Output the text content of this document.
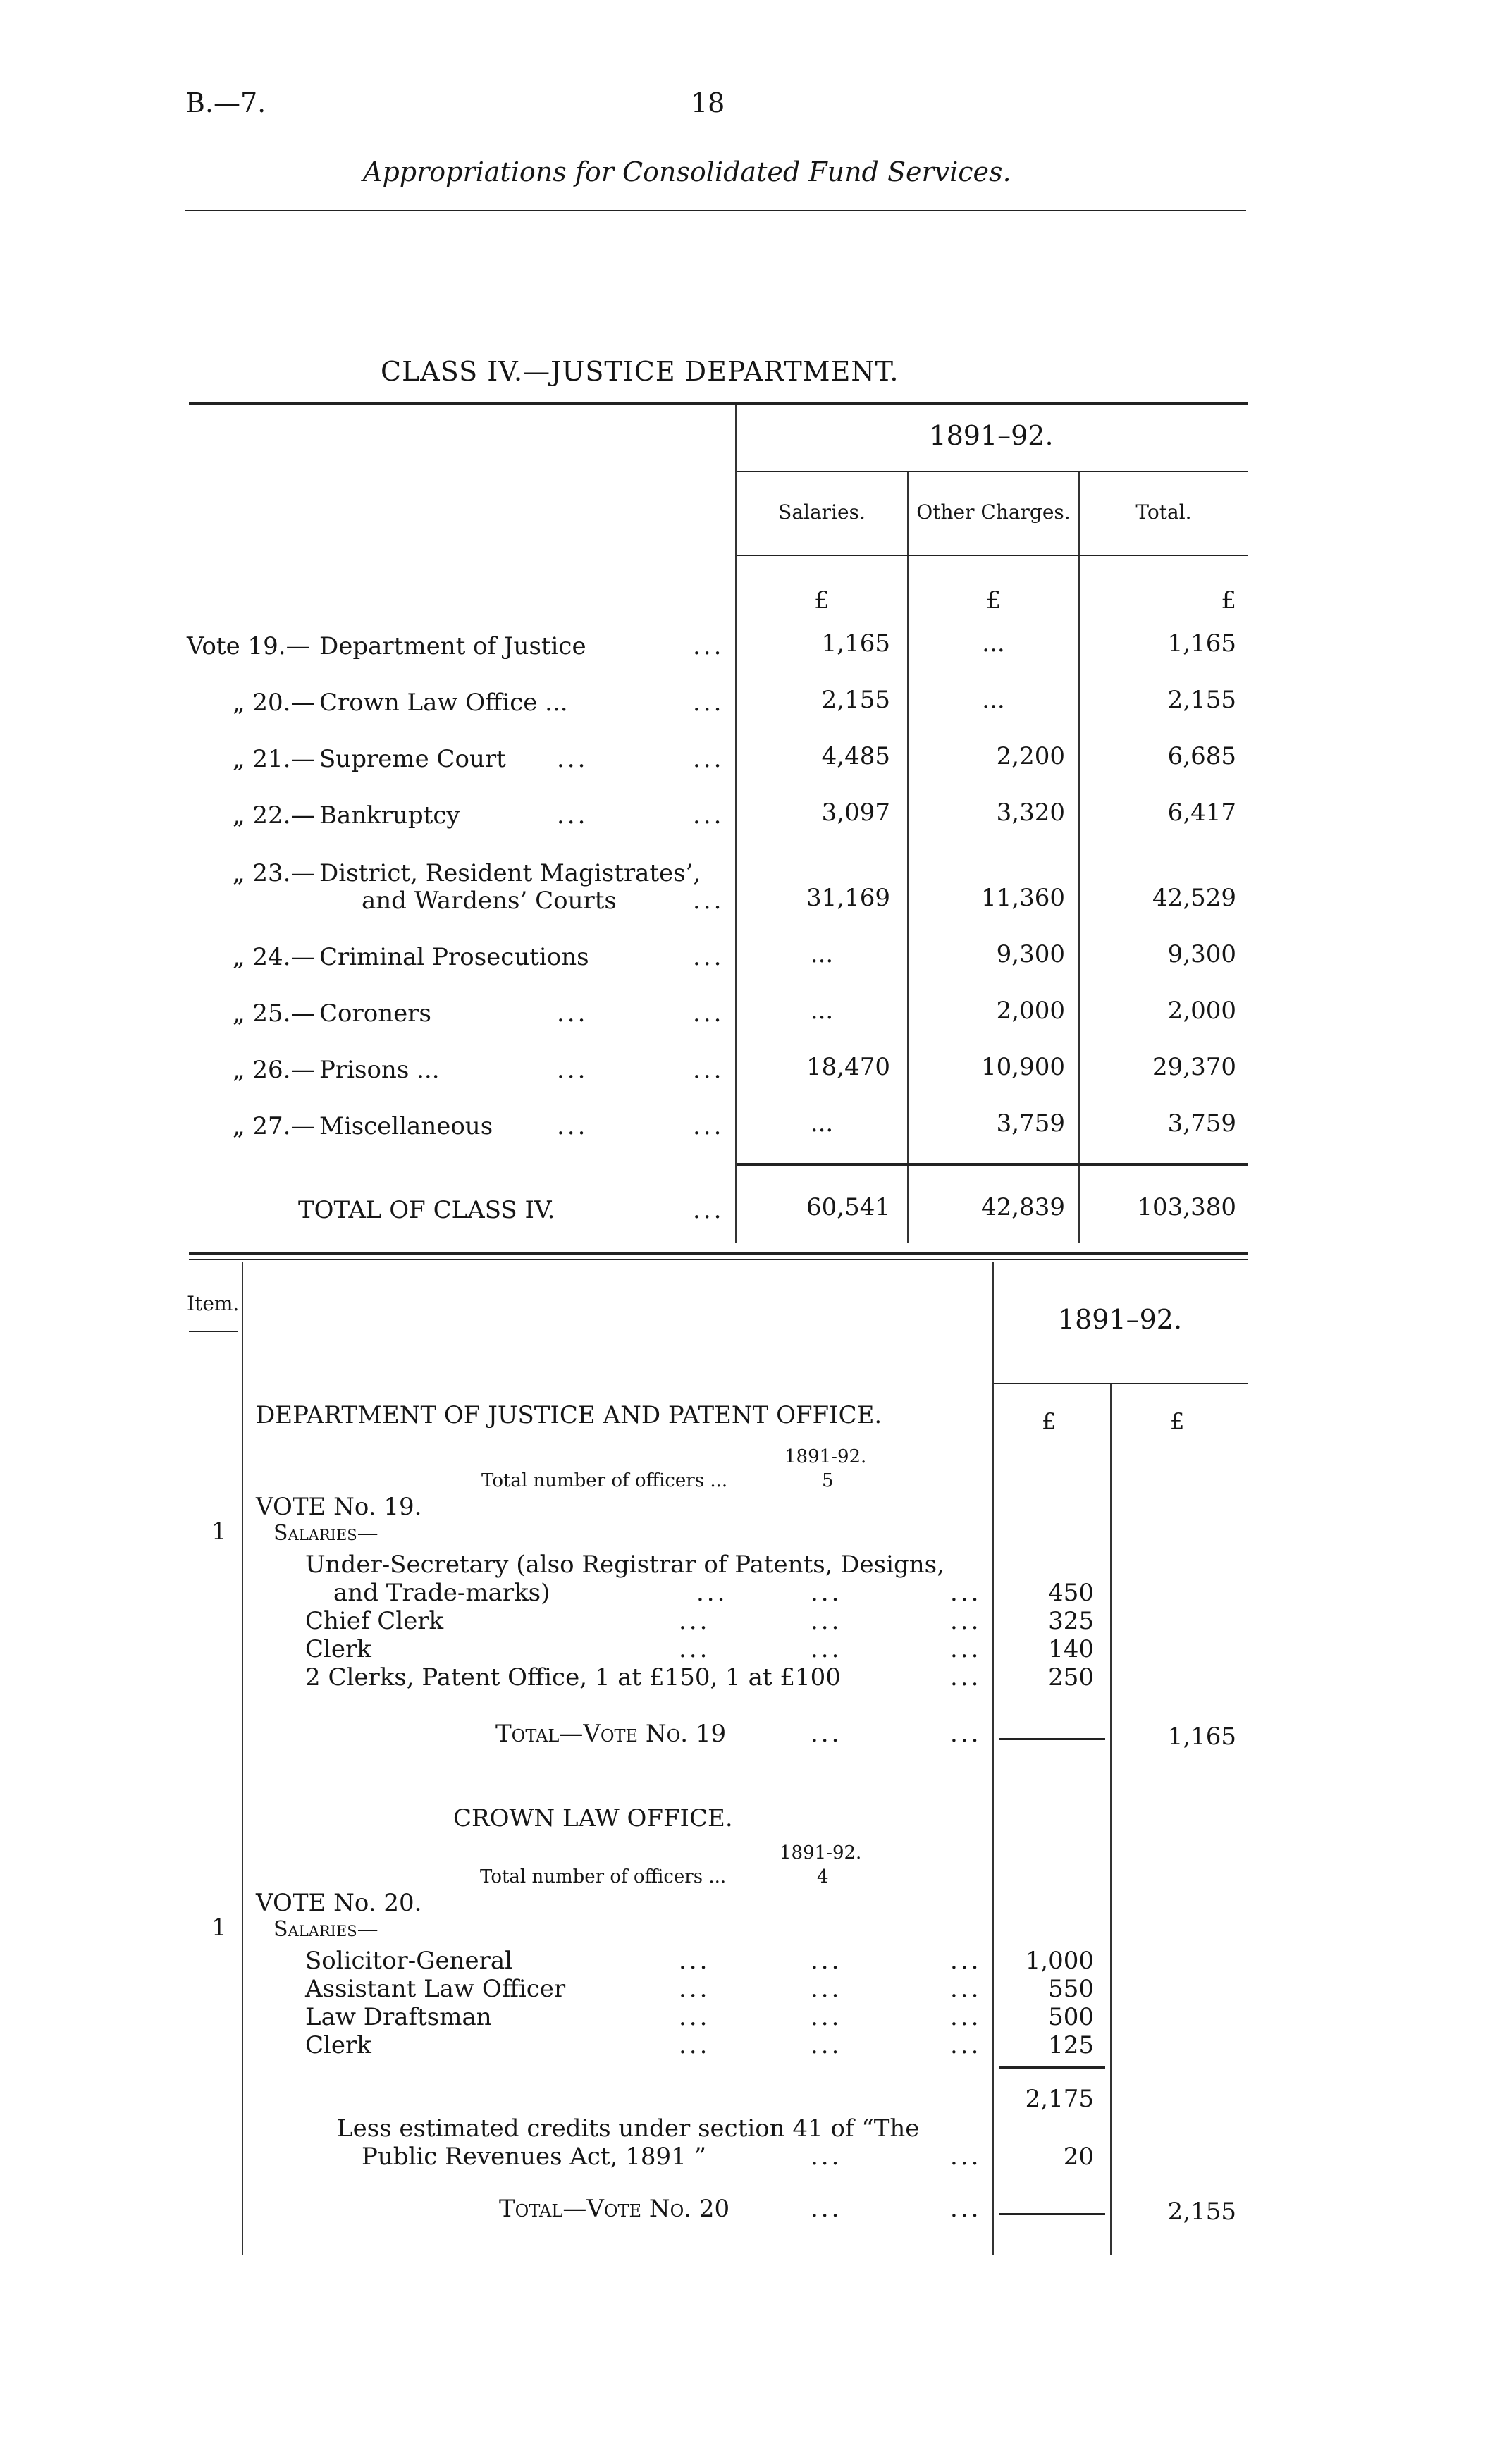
B.—7.	18
Appropriations for Consolidated Fund Services.
CLASS IV.—JUSTICE DEPARTMENT.
1891–92.
Salaries.	Other Charges.	Total.
£	£	£
Vote 19.— Department of Justice	...	1,165	...	1,165
„ 20.— Crown Law Office ...	...	2,155	...	2,155
„ 21.— Supreme Court ...	...	4,485	2,200	6,685
„ 22.— Bankruptcy	...	...	3,097	3,320	6,417
„ 23.— District, Resident Magistrates’,
and Wardens’ Courts	...	31,169	11,360	42,529
„ 24.— Criminal Prosecutions	...	...	9,300	9,300
„ 25.— Coroners	...	...	...	2,000	2,000
„ 26.— Prisons ...	...	...	18,470	10,900	29,370
„ 27.— Miscellaneous	...	...	...	3,759	3,759
TOTAL OF CLASS IV.	...	60,541	42,839	103,380
Item.
1891–92.
£	£
DEPARTMENT OF JUSTICE AND PATENT OFFICE.
1891-92.
Total number of officers ...	5
VOTE No. 19.
1 Salaries—
Under-Secretary (also Registrar of Patents, Designs,
and Trade-marks)	...	...	...	450
Chief Clerk	...	...	...	325
Clerk	...	...	...	140
2 Clerks, Patent Office, 1 at £150, 1 at £100	...	250
Total—Vote No. 19	...	...	1,165
CROWN LAW OFFICE.
1891-92.
Total number of officers ...	4
VOTE No. 20.
1 Salaries—
Solicitor-General	...	...	...	1,000
Assistant Law Officer	...	...	...	550
Law Draftsman	...	...	...	500
Clerk	...	...	...	125
2,175
Less estimated credits under section 41 of “The
Public Revenues Act, 1891 ”	...	...	20
Total—Vote No. 20	...	...	2,155
